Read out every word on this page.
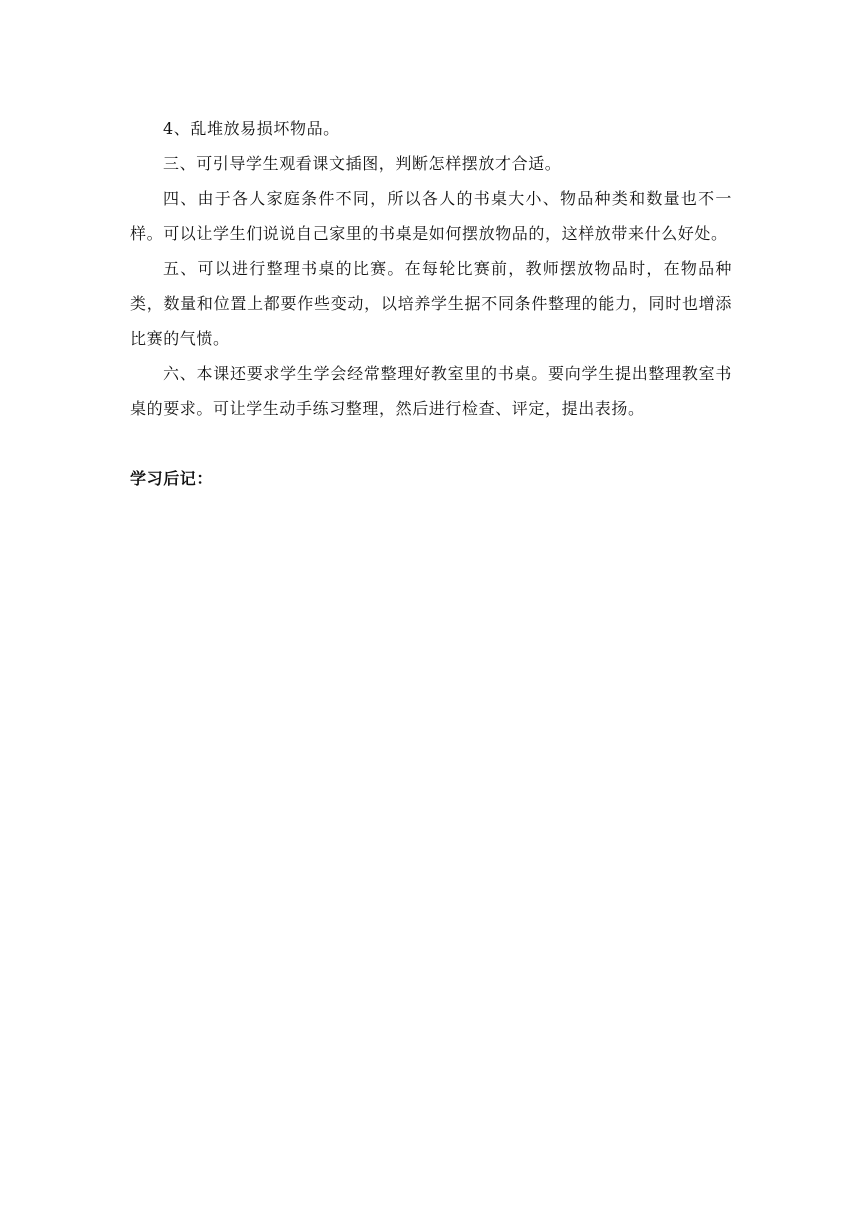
4、乱堆放易损坏物品。

三、可引导学生观看课文插图，判断怎样摆放才合适。

四、由于各人家庭条件不同，所以各人的书桌大小、物品种类和数量也不一样。可以让学生们说说自己家里的书桌是如何摆放物品的，这样放带来什么好处。

五、可以进行整理书桌的比赛。在每轮比赛前，教师摆放物品时，在物品种类，数量和位置上都要作些变动，以培养学生据不同条件整理的能力，同时也增添比赛的气愤。

六、本课还要求学生学会经常整理好教室里的书桌。要向学生提出整理教室书桌的要求。可让学生动手练习整理，然后进行检查、评定，提出表扬。

学习后记：
